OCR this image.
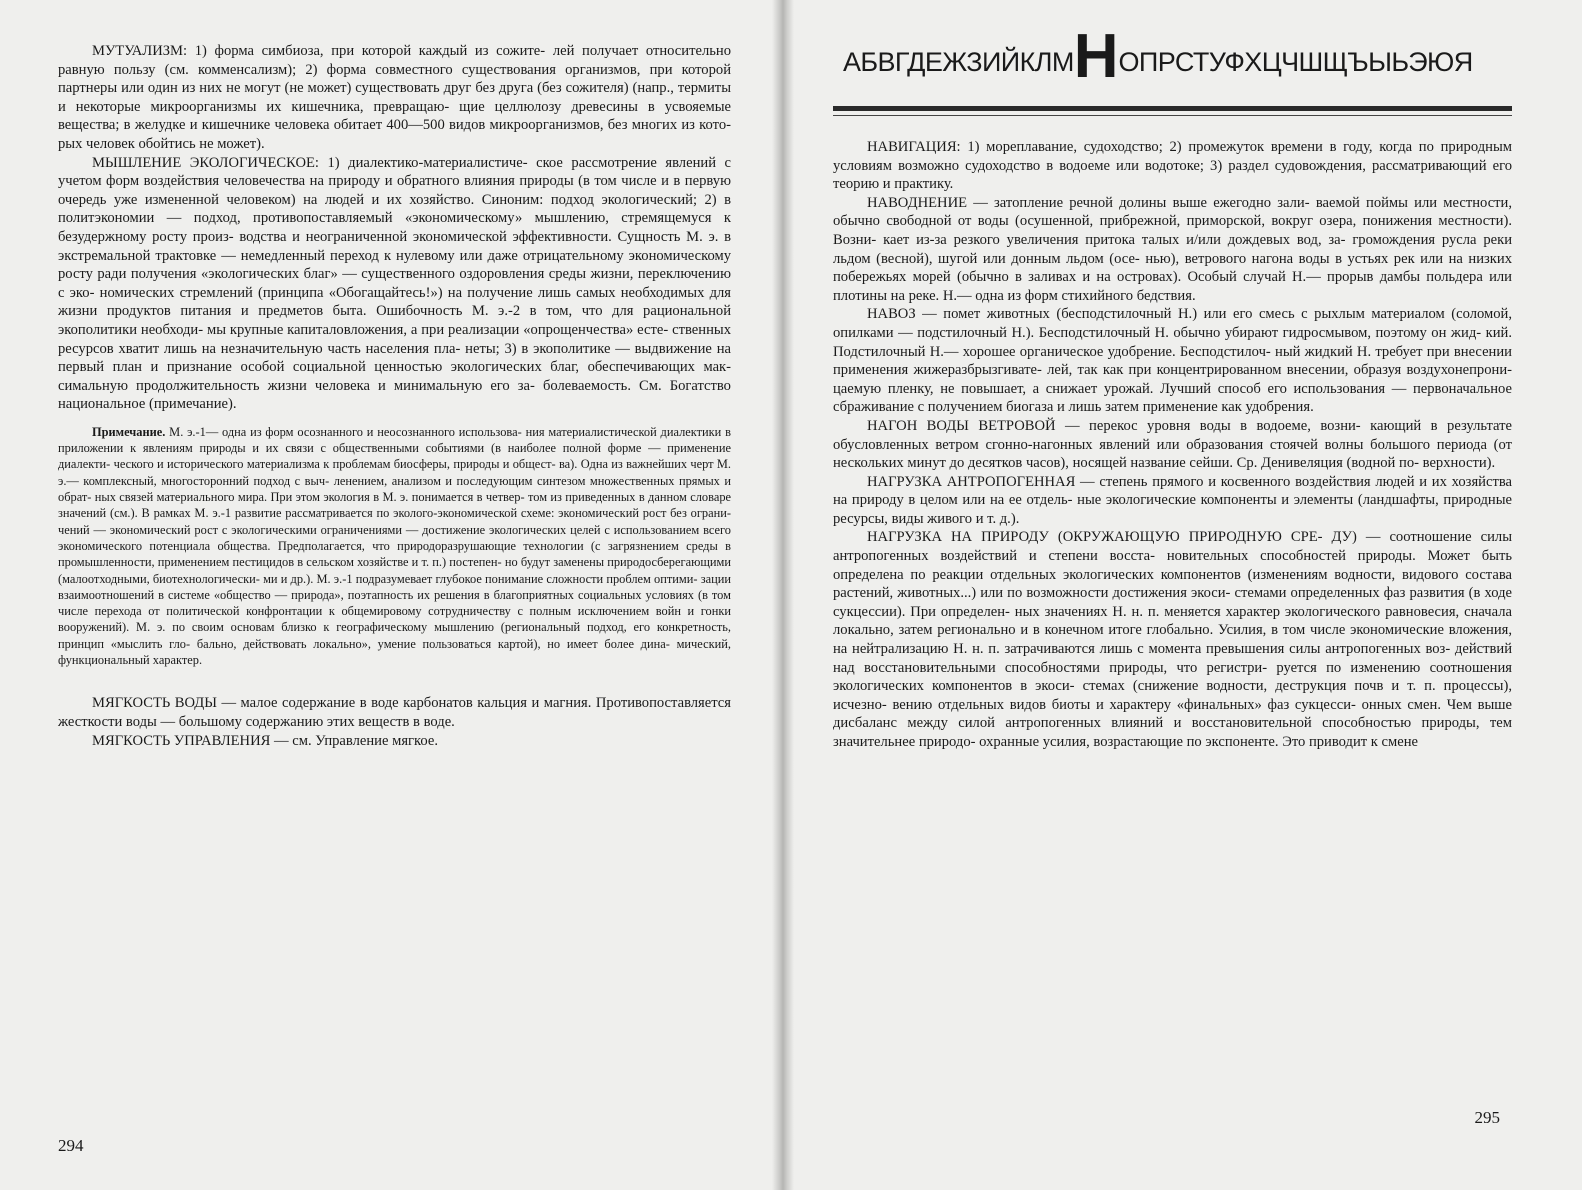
МУТУАЛИЗМ: 1) форма симбиоза, при которой каждый из сожите- лей получает относительно равную пользу (см. комменсализм); 2) форма совместного существования организмов, при которой партнеры или один из них не могут (не может) существовать друг без друга (без сожителя) (напр., термиты и некоторые микроорганизмы их кишечника, превращаю- щие целлюлозу древесины в усвояемые вещества; в желудке и кишечнике человека обитает 400—500 видов микроорганизмов, без многих из кото- рых человек обойтись не может).

МЫШЛЕНИЕ ЭКОЛОГИЧЕСКОЕ: 1) диалектико-материалистиче- ское рассмотрение явлений с учетом форм воздействия человечества на природу и обратного влияния природы (в том числе и в первую очередь уже измененной человеком) на людей и их хозяйство. Синоним: подход экологический; 2) в политэкономии — подход, противопоставляемый «экономическому» мышлению, стремящемуся к безудержному росту произ- водства и неограниченной экономической эффективности. Сущность М. э. в экстремальной трактовке — немедленный переход к нулевому или даже отрицательному экономическому росту ради получения «экологических благ» — существенного оздоровления среды жизни, переключению с эко- номических стремлений (принципа «Обогащайтесь!») на получение лишь самых необходимых для жизни продуктов питания и предметов быта. Ошибочность М. э.-2 в том, что для рациональной экополитики необходи- мы крупные капиталовложения, а при реализации «опрощенчества» есте- ственных ресурсов хватит лишь на незначительную часть населения пла- неты; 3) в экополитике — выдвижение на первый план и признание особой социальной ценностью экологических благ, обеспечивающих мак- симальную продолжительность жизни человека и минимальную его за- болеваемость. См. Богатство национальное (примечание).

Примечание. М. э.-1— одна из форм осознанного и неосознанного использова- ния материалистической диалектики в приложении к явлениям природы и их связи с общественными событиями (в наиболее полной форме — применение диалекти- ческого и исторического материализма к проблемам биосферы, природы и общест- ва). Одна из важнейших черт М. э.— комплексный, многосторонний подход с выч- ленением, анализом и последующим синтезом множественных прямых и обрат- ных связей материального мира. При этом экология в М. э. понимается в четвер- том из приведенных в данном словаре значений (см.). В рамках М. э.-1 развитие рассматривается по эколого-экономической схеме: экономический рост без ограни- чений — экономический рост с экологическими ограничениями — достижение экологических целей с использованием всего экономического потенциала общества. Предполагается, что природоразрушающие технологии (с загрязнением среды в промышленности, применением пестицидов в сельском хозяйстве и т. п.) постепен- но будут заменены природосберегающими (малоотходными, биотехнологически- ми и др.). М. э.-1 подразумевает глубокое понимание сложности проблем оптими- зации взаимоотношений в системе «общество — природа», поэтапность их решения в благоприятных социальных условиях (в том числе перехода от политической конфронтации к общемировому сотрудничеству с полным исключением войн и гонки вооружений). М. э. по своим основам близко к географическому мышлению (региональный подход, его конкретность, принцип «мыслить гло- бально, действовать локально», умение пользоваться картой), но имеет более дина- мический, функциональный характер.

МЯГКОСТЬ ВОДЫ — малое содержание в воде карбонатов кальция и магния. Противопоставляется жесткости воды — большому содержанию этих веществ в воде.

МЯГКОСТЬ УПРАВЛЕНИЯ — см. Управление мягкое.

294
АБВГДЕЖЗИЙКЛМНОПРСТУФХЦЧШЩЪЫЬЭЮЯ

НАВИГАЦИЯ: 1) мореплавание, судоходство; 2) промежуток времени в году, когда по природным условиям возможно судоходство в водоеме или водотоке; 3) раздел судовождения, рассматривающий его теорию и практику.

НАВОДНЕНИЕ — затопление речной долины выше ежегодно зали- ваемой поймы или местности, обычно свободной от воды (осушенной, прибрежной, приморской, вокруг озера, понижения местности). Возни- кает из-за резкого увеличения притока талых и/или дождевых вод, за- громождения русла реки льдом (весной), шугой или донным льдом (осе- нью), ветрового нагона воды в устьях рек или на низких побережьях морей (обычно в заливах и на островах). Особый случай Н.— прорыв дамбы польдера или плотины на реке. Н.— одна из форм стихийного бедствия.

НАВОЗ — помет животных (бесподстилочный Н.) или его смесь с рыхлым материалом (соломой, опилками — подстилочный Н.). Бесподстилочный Н. обычно убирают гидросмывом, поэтому он жид- кий. Подстилочный Н.— хорошее органическое удобрение. Бесподстилоч- ный жидкий Н. требует при внесении применения жижеразбрызгивате- лей, так как при концентрированном внесении, образуя воздухонепрони- цаемую пленку, не повышает, а снижает урожай. Лучший способ его использования — первоначальное сбраживание с получением биогаза и лишь затем применение как удобрения.

НАГОН ВОДЫ ВЕТРОВОЙ — перекос уровня воды в водоеме, возни- кающий в результате обусловленных ветром сгонно-нагонных явлений или образования стоячей волны большого периода (от нескольких минут до десятков часов), носящей название сейши. Ср. Денивеляция (водной по- верхности).

НАГРУЗКА АНТРОПОГЕННАЯ — степень прямого и косвенного воздействия людей и их хозяйства на природу в целом или на ее отдель- ные экологические компоненты и элементы (ландшафты, природные ресурсы, виды живого и т. д.).

НАГРУЗКА НА ПРИРОДУ (ОКРУЖАЮЩУЮ ПРИРОДНУЮ СРЕ- ДУ) — соотношение силы антропогенных воздействий и степени восста- новительных способностей природы. Может быть определена по реакции отдельных экологических компонентов (изменениям водности, видового состава растений, животных...) или по возможности достижения экоси- стемами определенных фаз развития (в ходе сукцессии). При определен- ных значениях Н. н. п. меняется характер экологического равновесия, сначала локально, затем регионально и в конечном итоге глобально. Усилия, в том числе экономические вложения, на нейтрализацию Н. н. п. затрачиваются лишь с момента превышения силы антропогенных воз- действий над восстановительными способностями природы, что регистри- руется по изменению соотношения экологических компонентов в экоси- стемах (снижение водности, деструкция почв и т. п. процессы), исчезно- вению отдельных видов биоты и характеру «финальных» фаз сукцесси- онных смен. Чем выше дисбаланс между силой антропогенных влияний и восстановительной способностью природы, тем значительнее природо- охранные усилия, возрастающие по экспоненте. Это приводит к смене

295
